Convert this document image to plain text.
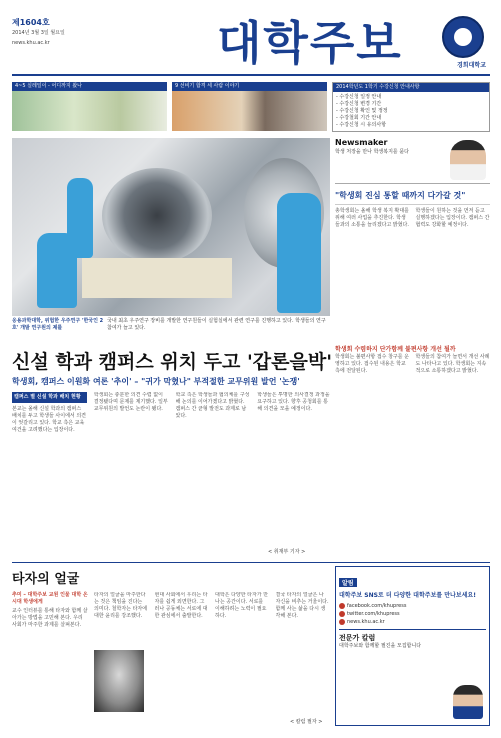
제1604호
2014년 3월 3일 월요일
news.khu.ac.kr	대학주보	경희대학교
4~5 실레일이 - 어디까지 왔나	9 선비기 합격 세 사람 이야기	2014학년도 1학기 수강신청 안내사항
- 수강신청 일정 안내
- 수강신청 변경 기간
- 수강신청 확인 및 정정
- 수강철회 기간 안내
- 수강신청 시 유의사항
응용과학대학, 위험한 우주연구 '한국인 2호' 개발 연구원의 제를
국내 최초 우주연구 장비를 개발한 연구원들이 실험실에서 관련 연구를 진행하고 있다. 학생들의 연구 참여가 늘고 있다.
Newsmaker
학생 처장을 만나 학생복지를 묻다
"학생회 진심 통할 때까지 다가갈 것"

총학생회는 올해 학생 복지 확대를 위해 여러 사업을 추진한다. 학생들과의 소통을 늘리겠다고 밝혔다.

학생들이 원하는 것을 먼저 듣고 실행하겠다는 입장이다. 캠퍼스 간 협력도 강화할 예정이다.

신설 학과 캠퍼스 위치 두고 '갑론을박'
학생회, 캠퍼스 이원화 여론 '추이' – "귀가 막혔나" 부적절한 교무위원 발언 '논쟁'
캠퍼스 별 신설 학과 배치 현황
본교는 올해 신설 학과의 캠퍼스 배치를 두고 학생들 사이에서 의견이 엇갈리고 있다. 학교 측은 교육 여건을 고려했다는 입장이다.
학생회는 충분한 의견 수렴 없이 결정됐다며 문제를 제기했다. 일부 교무위원의 발언도 논란이 됐다.
학교 측은 학생들과 협의체를 구성해 논의를 이어가겠다고 밝혔다. 캠퍼스 간 균형 발전도 과제로 남았다.
학생들은 투명한 의사결정 과정을 요구하고 있다. 향후 공청회를 통해 의견을 모을 예정이다.
< 취재부 기자 >
학생회 수렴하지 단가함께 불편사항 개선 될까

학생회는 불편사항 접수 창구를 운영하고 있다. 접수된 내용은 학교 측에 전달된다.

학생들의 참여가 늘면서 개선 사례도 나타나고 있다. 학생회는 지속적으로 소통하겠다고 밝혔다.

타자의 얼굴
추미 – 대학주보 교원 인물 대학 온 시대 학생에게

교수 인터뷰를 통해 타자와 함께 살아가는 방법을 고민해 본다. 우리 사회가 마주한 과제를 살펴본다.

타자의 얼굴을 마주한다는 것은 책임을 진다는 의미다. 철학자는 타자에 대한 윤리를 강조했다.
현대 사회에서 우리는 타자를 쉽게 외면한다. 그러나 공동체는 서로에 대한 관심에서 출발한다.
대학은 다양한 타자가 만나는 공간이다. 서로를 이해하려는 노력이 필요하다.
결국 타자의 얼굴은 나 자신을 비추는 거울이다. 함께 사는 삶을 다시 생각해 본다.
< 칼럼 필자 >
알림
대학주보 SNS로 더 다양한 대학주보를 만나보세요!
facebook.com/khupress
twitter.com/khupress
news.khu.ac.kr
전문가 칼럼
대학주보와 함께할 필진을 모집합니다
